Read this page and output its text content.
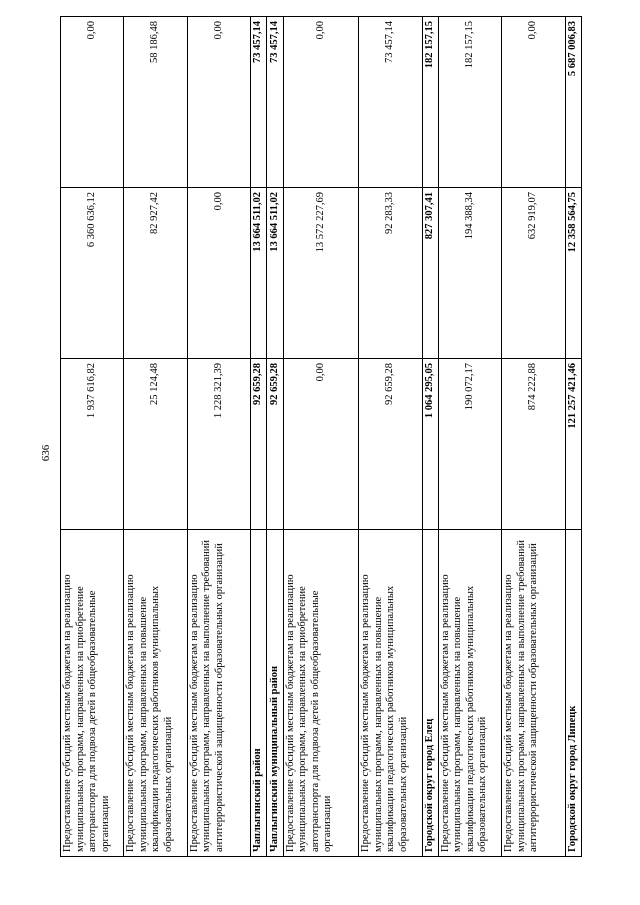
636
Предоставление субсидий местным бюджетам на реализацию муниципальных программ, направленных на приобретение автотранспорта для подвоза детей в общеобразовательные организации	1 937 616,82	6 360 636,12	0,00
Предоставление субсидий местным бюджетам на реализацию муниципальных программ, направленных на повышение квалификации педагогических работников муниципальных образовательных организаций	25 124,48	82 927,42	58 186,48
Предоставление субсидий местным бюджетам на реализацию муниципальных программ, направленных на выполнение требований антитеррористической защищенности образовательных организаций	1 228 321,39	0,00	0,00
Чаплыгинский район	92 659,28	13 664 511,02	73 457,14
Чаплыгинский муниципальный район	92 659,28	13 664 511,02	73 457,14
Предоставление субсидий местным бюджетам на реализацию муниципальных программ, направленных на приобретение автотранспорта для подвоза детей в общеобразовательные организации	0,00	13 572 227,69	0,00
Предоставление субсидий местным бюджетам на реализацию муниципальных программ, направленных на повышение квалификации педагогических работников муниципальных образовательных организаций	92 659,28	92 283,33	73 457,14
Городской округ город Елец	1 064 295,05	827 307,41	182 157,15
Предоставление субсидий местным бюджетам на реализацию муниципальных программ, направленных на повышение квалификации педагогических работников муниципальных образовательных организаций	190 072,17	194 388,34	182 157,15
Предоставление субсидий местным бюджетам на реализацию муниципальных программ, направленных на выполнение требований антитеррористической защищенности образовательных организаций	874 222,88	632 919,07	0,00
Городской округ город Липецк	121 257 421,46	12 358 564,75	5 687 006,83
